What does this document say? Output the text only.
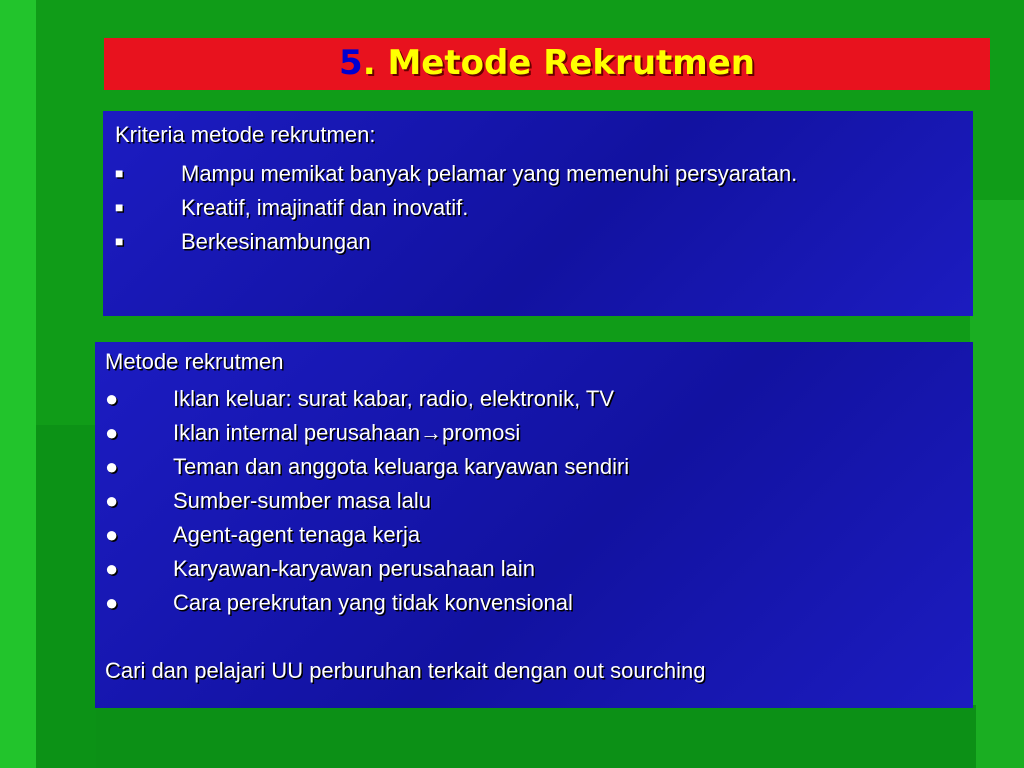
5. Metode Rekrutmen
Kriteria metode rekrutmen:
■	Mampu memikat banyak pelamar yang memenuhi persyaratan.
■	Kreatif, imajinatif dan inovatif.
■	Berkesinambungan
Metode rekrutmen
●	Iklan keluar: surat kabar, radio, elektronik, TV
●	Iklan internal perusahaan→promosi
●	Teman dan anggota keluarga karyawan sendiri
●	Sumber-sumber masa lalu
●	Agent-agent tenaga kerja
●	Karyawan-karyawan perusahaan lain
●	Cara perekrutan yang tidak konvensional
Cari dan pelajari UU perburuhan terkait dengan out sourching
